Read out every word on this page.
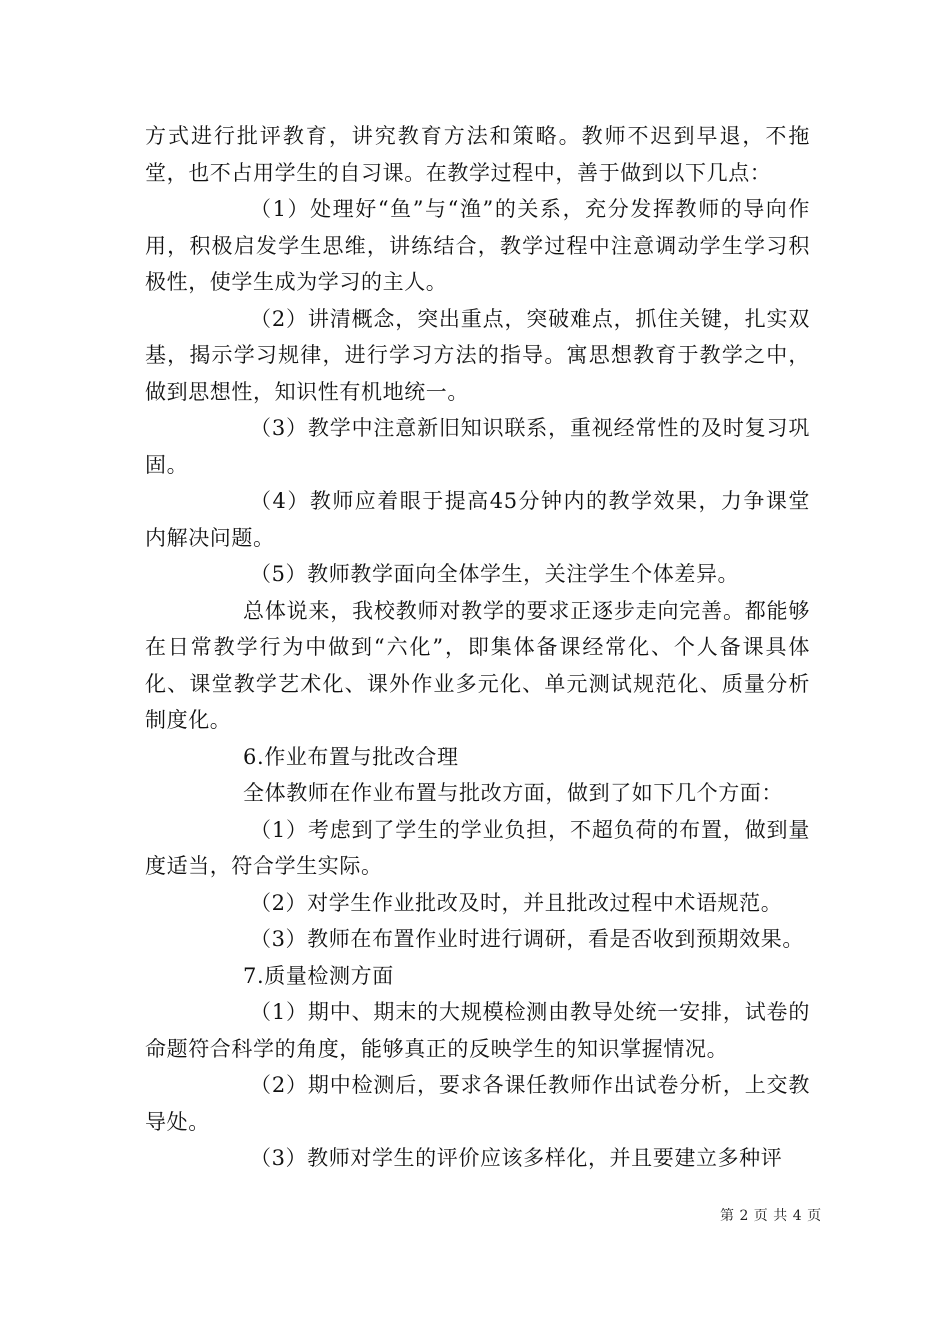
方式进行批评教育，讲究教育方法和策略。教师不迟到早退，不拖堂，也不占用学生的自习课。在教学过程中，善于做到以下几点：

（1）处理好“鱼”与“渔”的关系，充分发挥教师的导向作用，积极启发学生思维，讲练结合，教学过程中注意调动学生学习积极性，使学生成为学习的主人。

（2）讲清概念，突出重点，突破难点，抓住关键，扎实双基，揭示学习规律，进行学习方法的指导。寓思想教育于教学之中，做到思想性，知识性有机地统一。

（3）教学中注意新旧知识联系，重视经常性的及时复习巩固。

（4）教师应着眼于提高45分钟内的教学效果，力争课堂内解决问题。

（5）教师教学面向全体学生，关注学生个体差异。

总体说来，我校教师对教学的要求正逐步走向完善。都能够在日常教学行为中做到“六化”，即集体备课经常化、个人备课具体化、课堂教学艺术化、课外作业多元化、单元测试规范化、质量分析制度化。

6.作业布置与批改合理

全体教师在作业布置与批改方面，做到了如下几个方面：

（1）考虑到了学生的学业负担，不超负荷的布置，做到量度适当，符合学生实际。

（2）对学生作业批改及时，并且批改过程中术语规范。

（3）教师在布置作业时进行调研，看是否收到预期效果。

7.质量检测方面

（1）期中、期末的大规模检测由教导处统一安排，试卷的命题符合科学的角度，能够真正的反映学生的知识掌握情况。

（2）期中检测后，要求各课任教师作出试卷分析，上交教导处。

（3）教师对学生的评价应该多样化，并且要建立多种评

第 2 页 共 4 页
